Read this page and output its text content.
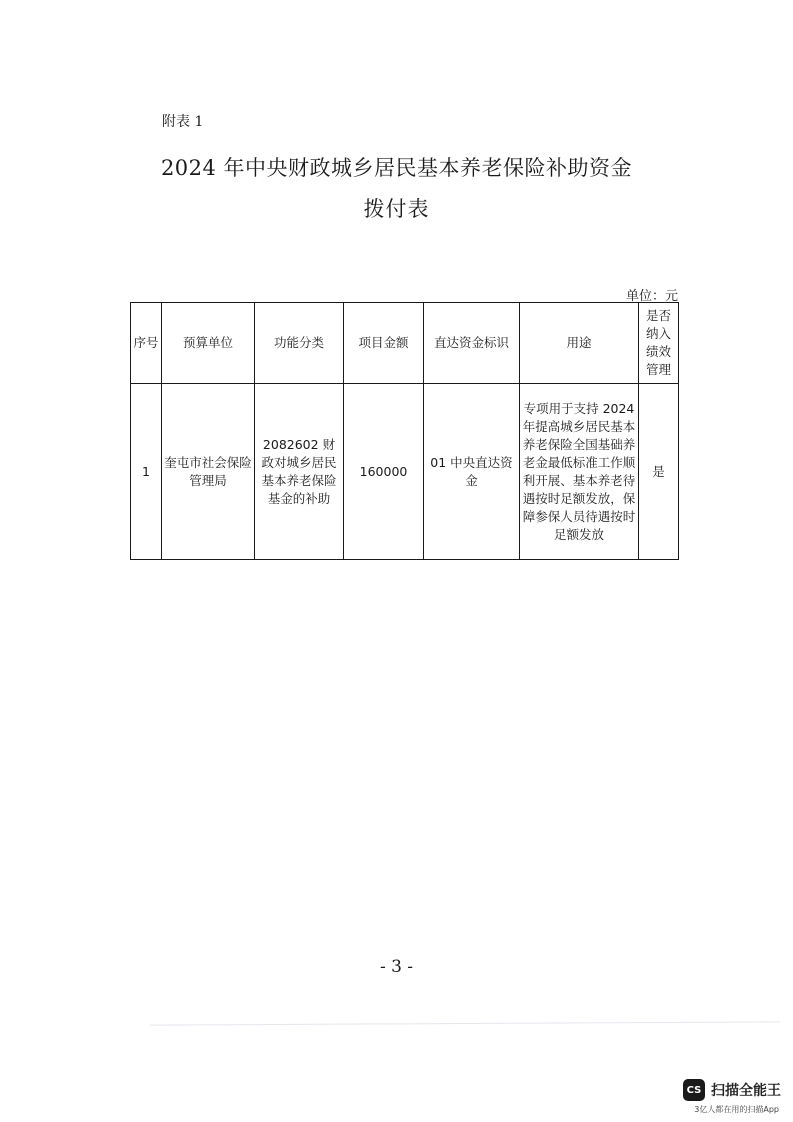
附表 1
2024 年中央财政城乡居民基本养老保险补助资金
拨付表
单位：元
序号	预算单位	功能分类	项目金额	直达资金标识	用途	是否纳入绩效管理
1	奎屯市社会保险管理局	2082602 财政对城乡居民基本养老保险基金的补助	160000	01 中央直达资金	专项用于支持 2024 年提高城乡居民基本养老保险全国基础养老金最低标准工作顺利开展、基本养老待遇按时足额发放，保障参保人员待遇按时足额发放	是
- 3 -
CS 扫描全能王
3亿人都在用的扫描App
